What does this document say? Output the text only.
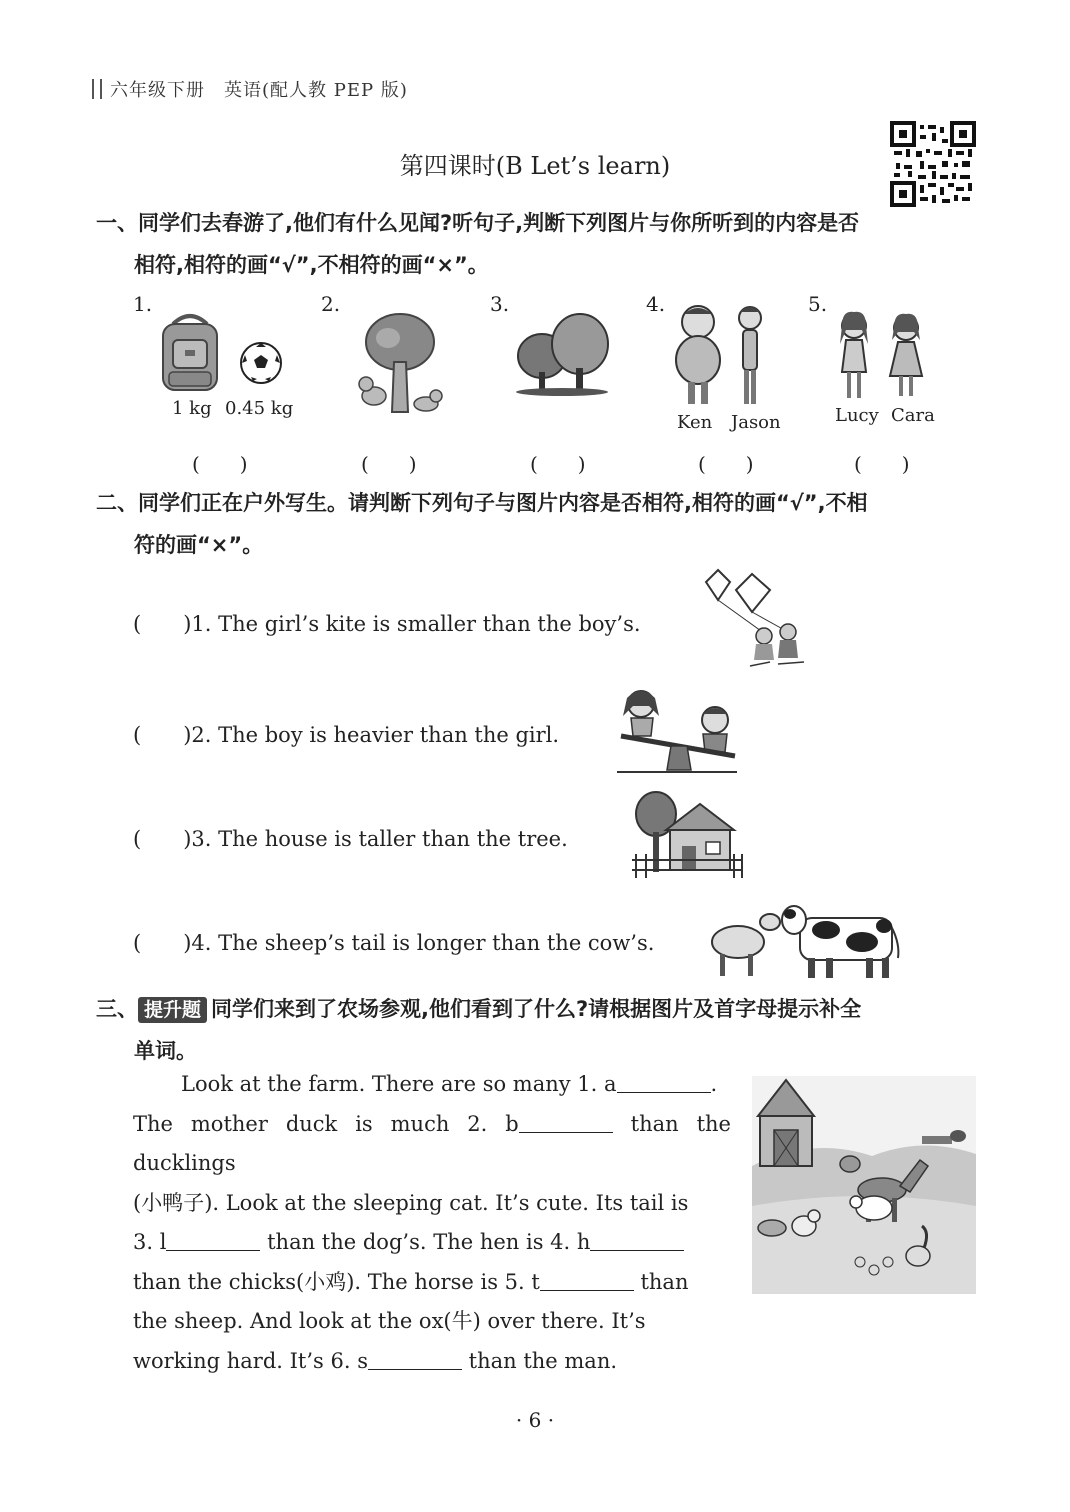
六年级下册　英语(配人教 PEP 版)
第四课时(B Let’s learn)
一、同学们去春游了,他们有什么见闻?听句子,判断下列图片与你所听到的内容是否
相符,相符的画“√”,不相符的画“×”。
1.
1 kg 0.45 kg
(　　)
2.
(　　)
3.
(　　)
4.
Ken Jason
(　　)
5.
Lucy Cara
(　　)
二、同学们正在户外写生。请判断下列句子与图片内容是否相符,相符的画“√”,不相
符的画“×”。
(　　)1. The girl’s kite is smaller than the boy’s.
(　　)2. The boy is heavier than the girl.
(　　)3. The house is taller than the tree.
(　　)4. The sheep’s tail is longer than the cow’s.
三、 提升题 同学们来到了农场参观,他们看到了什么?请根据图片及首字母提示补全
单词。
Look at the farm. There are so many 1. a	.
The mother duck is much 2. b	than the ducklings
(小鸭子). Look at the sleeping cat. It’s cute. Its tail is
3. l	than the dog’s. The hen is 4. h
than the chicks(小鸡). The horse is 5. t	than
the sheep. And look at the ox(牛) over there. It’s
working hard. It’s 6. s	than the man.
· 6 ·
